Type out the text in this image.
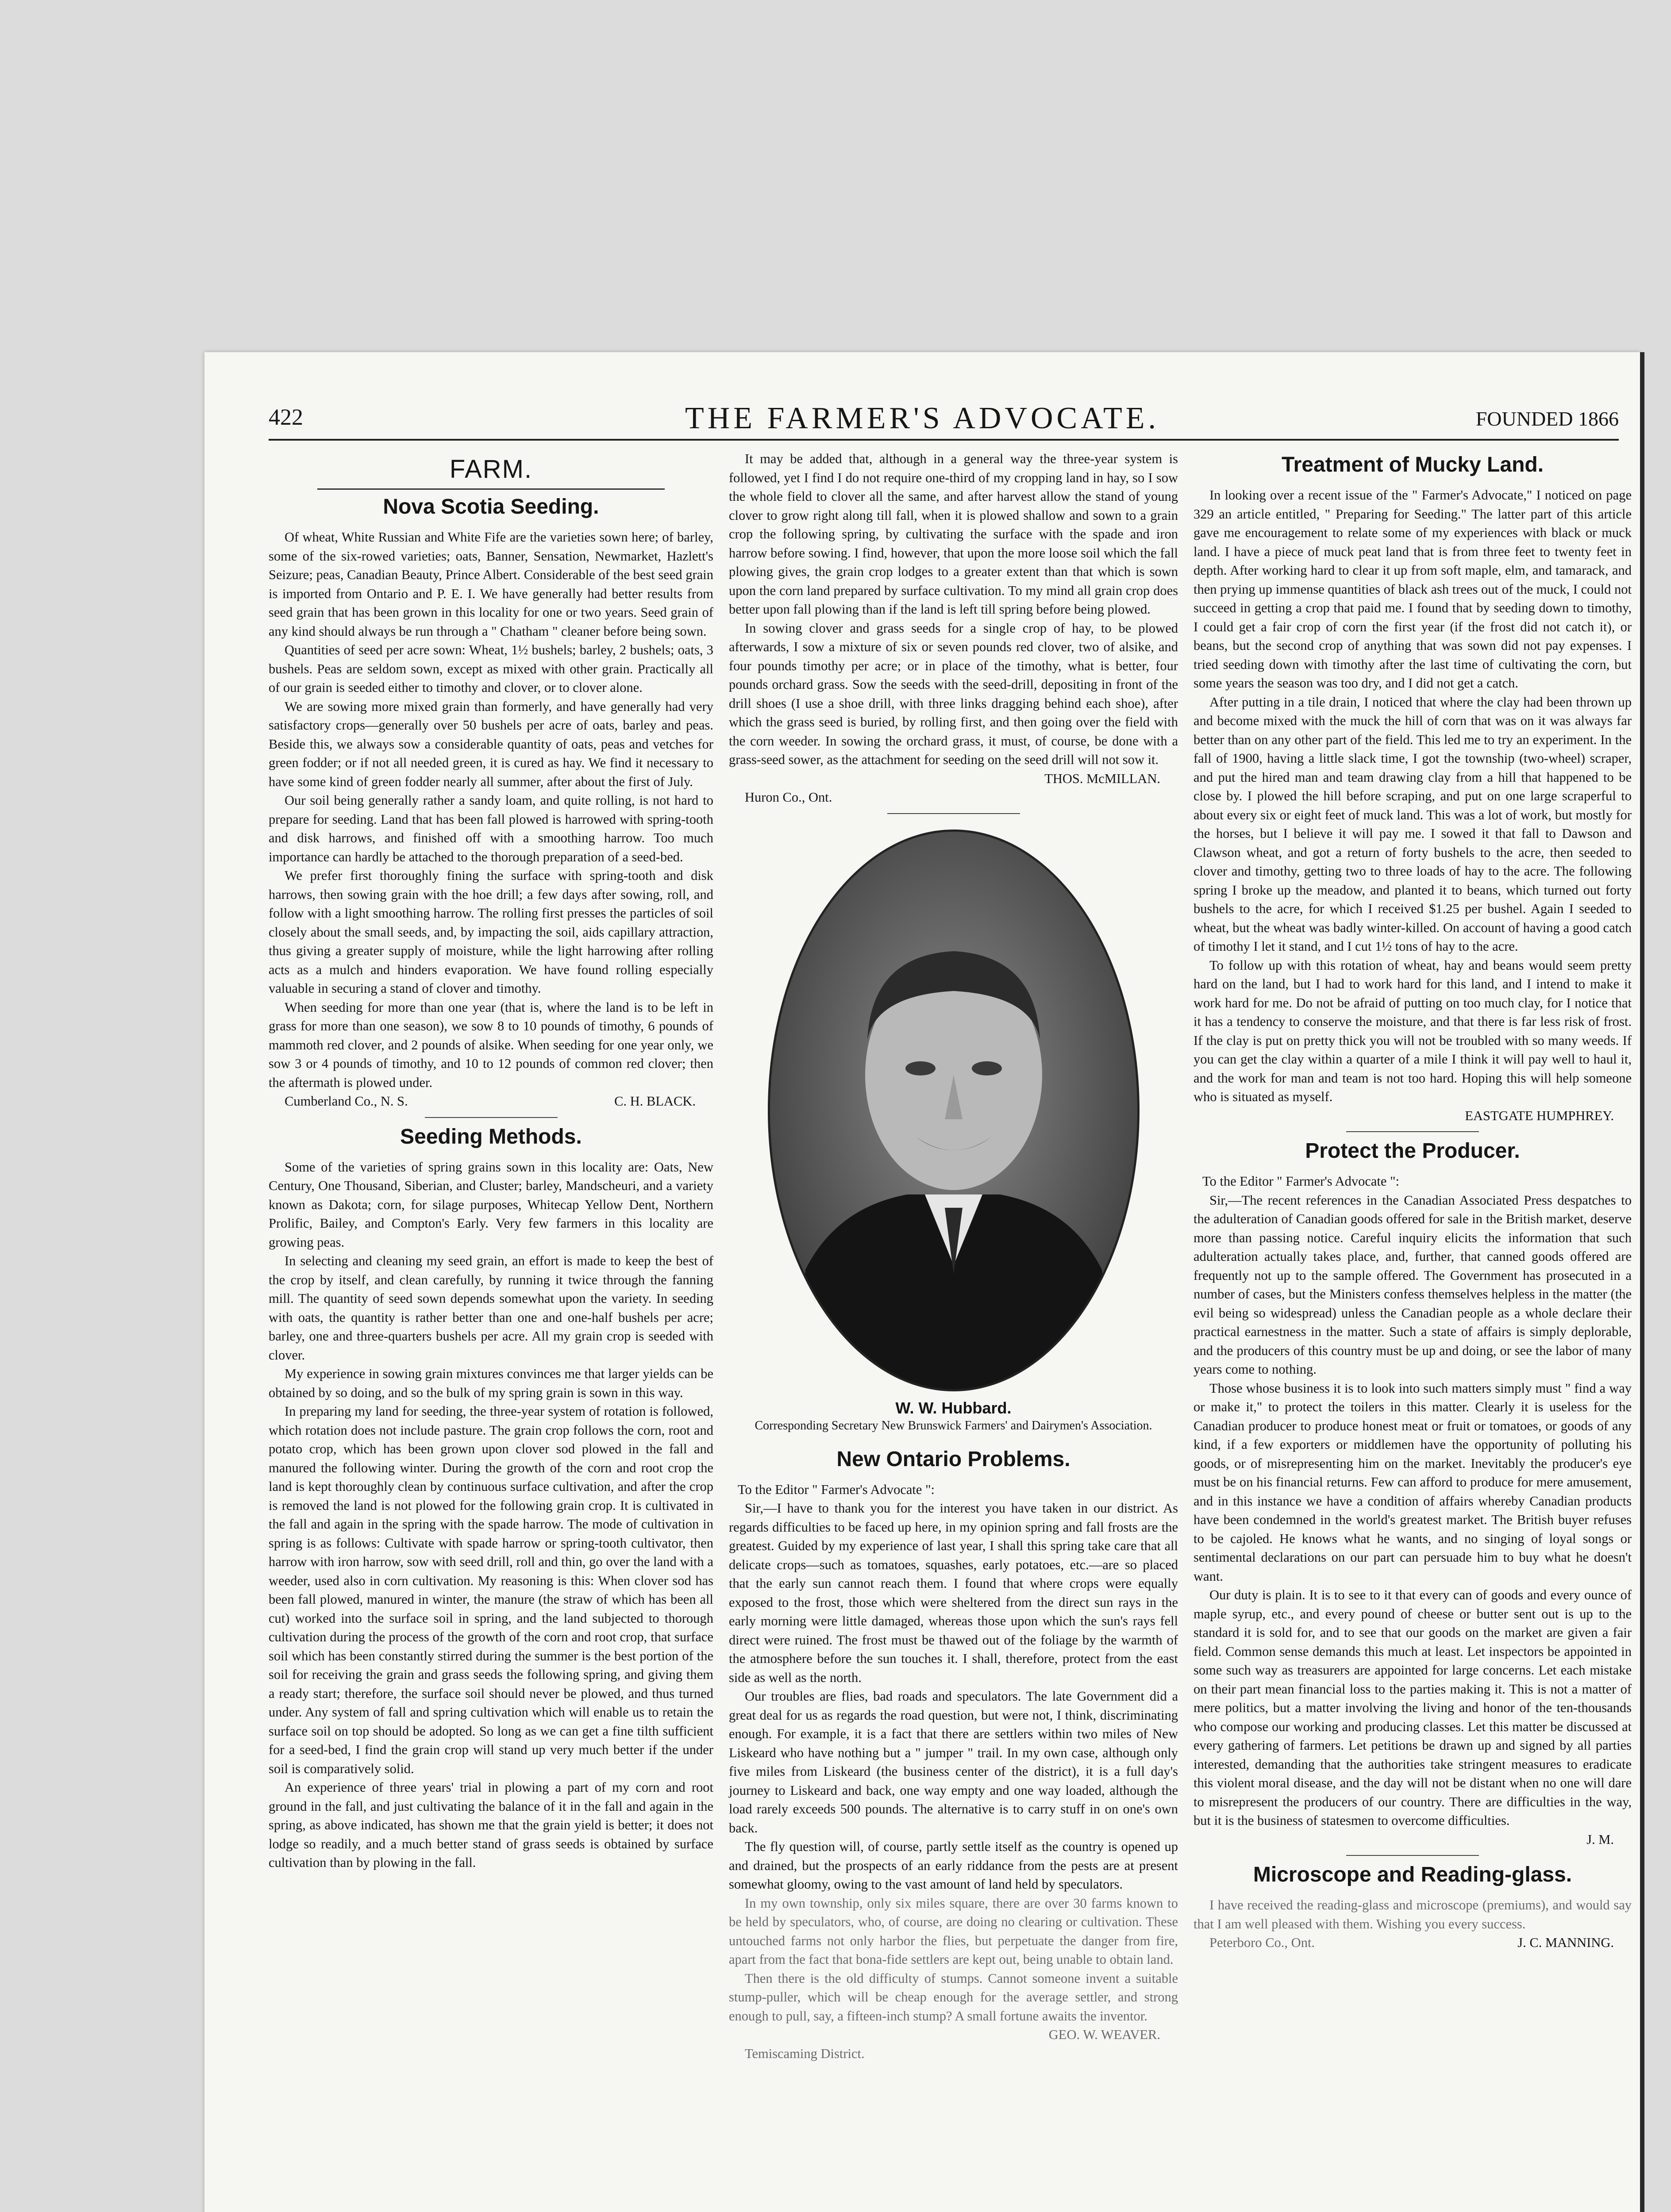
422	THE FARMER'S ADVOCATE.	FOUNDED 1866
FARM.
Nova Scotia Seeding.

Of wheat, White Russian and White Fife are the varieties sown here; of barley, some of the six-rowed varieties; oats, Banner, Sensation, Newmarket, Hazlett's Seizure; peas, Canadian Beauty, Prince Albert. Considerable of the best seed grain is imported from Ontario and P. E. I. We have generally had better results from seed grain that has been grown in this locality for one or two years. Seed grain of any kind should always be run through a " Chatham " cleaner before being sown.

Quantities of seed per acre sown: Wheat, 1½ bushels; barley, 2 bushels; oats, 3 bushels. Peas are seldom sown, except as mixed with other grain. Practically all of our grain is seeded either to timothy and clover, or to clover alone.

We are sowing more mixed grain than formerly, and have generally had very satisfactory crops—generally over 50 bushels per acre of oats, barley and peas. Beside this, we always sow a considerable quantity of oats, peas and vetches for green fodder; or if not all needed green, it is cured as hay. We find it necessary to have some kind of green fodder nearly all summer, after about the first of July.

Our soil being generally rather a sandy loam, and quite rolling, is not hard to prepare for seeding. Land that has been fall plowed is harrowed with spring-tooth and disk harrows, and finished off with a smoothing harrow. Too much importance can hardly be attached to the thorough preparation of a seed-bed.

We prefer first thoroughly fining the surface with spring-tooth and disk harrows, then sowing grain with the hoe drill; a few days after sowing, roll, and follow with a light smoothing harrow. The rolling first presses the particles of soil closely about the small seeds, and, by impacting the soil, aids capillary attraction, thus giving a greater supply of moisture, while the light harrowing after rolling acts as a mulch and hinders evaporation. We have found rolling especially valuable in securing a stand of clover and timothy.

When seeding for more than one year (that is, where the land is to be left in grass for more than one season), we sow 8 to 10 pounds of timothy, 6 pounds of mammoth red clover, and 2 pounds of alsike. When seeding for one year only, we sow 3 or 4 pounds of timothy, and 10 to 12 pounds of common red clover; then the aftermath is plowed under.

Cumberland Co., N. S.	C. H. BLACK.
Seeding Methods.

Some of the varieties of spring grains sown in this locality are: Oats, New Century, One Thousand, Siberian, and Cluster; barley, Mandscheuri, and a variety known as Dakota; corn, for silage purposes, Whitecap Yellow Dent, Northern Prolific, Bailey, and Compton's Early. Very few farmers in this locality are growing peas.

In selecting and cleaning my seed grain, an effort is made to keep the best of the crop by itself, and clean carefully, by running it twice through the fanning mill. The quantity of seed sown depends somewhat upon the variety. In seeding with oats, the quantity is rather better than one and one-half bushels per acre; barley, one and three-quarters bushels per acre. All my grain crop is seeded with clover.

My experience in sowing grain mixtures convinces me that larger yields can be obtained by so doing, and so the bulk of my spring grain is sown in this way.

In preparing my land for seeding, the three-year system of rotation is followed, which rotation does not include pasture. The grain crop follows the corn, root and potato crop, which has been grown upon clover sod plowed in the fall and manured the following winter. During the growth of the corn and root crop the land is kept thoroughly clean by continuous surface cultivation, and after the crop is removed the land is not plowed for the following grain crop. It is cultivated in the fall and again in the spring with the spade harrow. The mode of cultivation in spring is as follows: Cultivate with spade harrow or spring-tooth cultivator, then harrow with iron harrow, sow with seed drill, roll and thin, go over the land with a weeder, used also in corn cultivation. My reasoning is this: When clover sod has been fall plowed, manured in winter, the manure (the straw of which has been all cut) worked into the surface soil in spring, and the land subjected to thorough cultivation during the process of the growth of the corn and root crop, that surface soil which has been constantly stirred during the summer is the best portion of the soil for receiving the grain and grass seeds the following spring, and giving them a ready start; therefore, the surface soil should never be plowed, and thus turned under. Any system of fall and spring cultivation which will enable us to retain the surface soil on top should be adopted. So long as we can get a fine tilth sufficient for a seed-bed, I find the grain crop will stand up very much better if the under soil is comparatively solid.

An experience of three years' trial in plowing a part of my corn and root ground in the fall, and just cultivating the balance of it in the fall and again in the spring, as above indicated, has shown me that the grain yield is better; it does not lodge so readily, and a much better stand of grass seeds is obtained by surface cultivation than by plowing in the fall.

It may be added that, although in a general way the three-year system is followed, yet I find I do not require one-third of my cropping land in hay, so I sow the whole field to clover all the same, and after harvest allow the stand of young clover to grow right along till fall, when it is plowed shallow and sown to a grain crop the following spring, by cultivating the surface with the spade and iron harrow before sowing. I find, however, that upon the more loose soil which the fall plowing gives, the grain crop lodges to a greater extent than that which is sown upon the corn land prepared by surface cultivation. To my mind all grain crop does better upon fall plowing than if the land is left till spring before being plowed.

In sowing clover and grass seeds for a single crop of hay, to be plowed afterwards, I sow a mixture of six or seven pounds red clover, two of alsike, and four pounds timothy per acre; or in place of the timothy, what is better, four pounds orchard grass. Sow the seeds with the seed-drill, depositing in front of the drill shoes (I use a shoe drill, with three links dragging behind each shoe), after which the grass seed is buried, by rolling first, and then going over the field with the corn weeder. In sowing the orchard grass, it must, of course, be done with a grass-seed sower, as the attachment for seeding on the seed drill will not sow it.

THOS. McMILLAN.
Huron Co., Ont.
W. W. Hubbard.
Corresponding Secretary New Brunswick Farmers' and Dairymen's Association.
New Ontario Problems.

To the Editor " Farmer's Advocate ":

Sir,—I have to thank you for the interest you have taken in our district. As regards difficulties to be faced up here, in my opinion spring and fall frosts are the greatest. Guided by my experience of last year, I shall this spring take care that all delicate crops—such as tomatoes, squashes, early potatoes, etc.—are so placed that the early sun cannot reach them. I found that where crops were equally exposed to the frost, those which were sheltered from the direct sun rays in the early morning were little damaged, whereas those upon which the sun's rays fell direct were ruined. The frost must be thawed out of the foliage by the warmth of the atmosphere before the sun touches it. I shall, therefore, protect from the east side as well as the north.

Our troubles are flies, bad roads and speculators. The late Government did a great deal for us as regards the road question, but were not, I think, discriminating enough. For example, it is a fact that there are settlers within two miles of New Liskeard who have nothing but a " jumper " trail. In my own case, although only five miles from Liskeard (the business center of the district), it is a full day's journey to Liskeard and back, one way empty and one way loaded, although the load rarely exceeds 500 pounds. The alternative is to carry stuff in on one's own back.

The fly question will, of course, partly settle itself as the country is opened up and drained, but the prospects of an early riddance from the pests are at present somewhat gloomy, owing to the vast amount of land held by speculators.

In my own township, only six miles square, there are over 30 farms known to be held by speculators, who, of course, are doing no clearing or cultivation. These untouched farms not only harbor the flies, but perpetuate the danger from fire, apart from the fact that bona-fide settlers are kept out, being unable to obtain land.

Then there is the old difficulty of stumps. Cannot someone invent a suitable stump-puller, which will be cheap enough for the average settler, and strong enough to pull, say, a fifteen-inch stump? A small fortune awaits the inventor.

GEO. W. WEAVER.
Temiscaming District.
Treatment of Mucky Land.

In looking over a recent issue of the " Farmer's Advocate," I noticed on page 329 an article entitled, " Preparing for Seeding." The latter part of this article gave me encouragement to relate some of my experiences with black or muck land. I have a piece of muck peat land that is from three feet to twenty feet in depth. After working hard to clear it up from soft maple, elm, and tamarack, and then prying up immense quantities of black ash trees out of the muck, I could not succeed in getting a crop that paid me. I found that by seeding down to timothy, I could get a fair crop of corn the first year (if the frost did not catch it), or beans, but the second crop of anything that was sown did not pay expenses. I tried seeding down with timothy after the last time of cultivating the corn, but some years the season was too dry, and I did not get a catch.

After putting in a tile drain, I noticed that where the clay had been thrown up and become mixed with the muck the hill of corn that was on it was always far better than on any other part of the field. This led me to try an experiment. In the fall of 1900, having a little slack time, I got the township (two-wheel) scraper, and put the hired man and team drawing clay from a hill that happened to be close by. I plowed the hill before scraping, and put on one large scraperful to about every six or eight feet of muck land. This was a lot of work, but mostly for the horses, but I believe it will pay me. I sowed it that fall to Dawson and Clawson wheat, and got a return of forty bushels to the acre, then seeded to clover and timothy, getting two to three loads of hay to the acre. The following spring I broke up the meadow, and planted it to beans, which turned out forty bushels to the acre, for which I received $1.25 per bushel. Again I seeded to wheat, but the wheat was badly winter-killed. On account of having a good catch of timothy I let it stand, and I cut 1½ tons of hay to the acre.

To follow up with this rotation of wheat, hay and beans would seem pretty hard on the land, but I had to work hard for this land, and I intend to make it work hard for me. Do not be afraid of putting on too much clay, for I notice that it has a tendency to conserve the moisture, and that there is far less risk of frost. If the clay is put on pretty thick you will not be troubled with so many weeds. If you can get the clay within a quarter of a mile I think it will pay well to haul it, and the work for man and team is not too hard. Hoping this will help someone who is situated as myself.

EASTGATE HUMPHREY.
Protect the Producer.

To the Editor " Farmer's Advocate ":

Sir,—The recent references in the Canadian Associated Press despatches to the adulteration of Canadian goods offered for sale in the British market, deserve more than passing notice. Careful inquiry elicits the information that such adulteration actually takes place, and, further, that canned goods offered are frequently not up to the sample offered. The Government has prosecuted in a number of cases, but the Ministers confess themselves helpless in the matter (the evil being so widespread) unless the Canadian people as a whole declare their practical earnestness in the matter. Such a state of affairs is simply deplorable, and the producers of this country must be up and doing, or see the labor of many years come to nothing.

Those whose business it is to look into such matters simply must " find a way or make it," to protect the toilers in this matter. Clearly it is useless for the Canadian producer to produce honest meat or fruit or tomatoes, or goods of any kind, if a few exporters or middlemen have the opportunity of polluting his goods, or of misrepresenting him on the market. Inevitably the producer's eye must be on his financial returns. Few can afford to produce for mere amusement, and in this instance we have a condition of affairs whereby Canadian products have been condemned in the world's greatest market. The British buyer refuses to be cajoled. He knows what he wants, and no singing of loyal songs or sentimental declarations on our part can persuade him to buy what he doesn't want.

Our duty is plain. It is to see to it that every can of goods and every ounce of maple syrup, etc., and every pound of cheese or butter sent out is up to the standard it is sold for, and to see that our goods on the market are given a fair field. Common sense demands this much at least. Let inspectors be appointed in some such way as treasurers are appointed for large concerns. Let each mistake on their part mean financial loss to the parties making it. This is not a matter of mere politics, but a matter involving the living and honor of the ten-thousands who compose our working and producing classes. Let this matter be discussed at every gathering of farmers. Let petitions be drawn up and signed by all parties interested, demanding that the authorities take stringent measures to eradicate this violent moral disease, and the day will not be distant when no one will dare to misrepresent the producers of our country. There are difficulties in the way, but it is the business of statesmen to overcome difficulties.

J. M.
Microscope and Reading-glass.

I have received the reading-glass and microscope (premiums), and would say that I am well pleased with them. Wishing you every success.

Peterboro Co., Ont.	J. C. MANNING.
